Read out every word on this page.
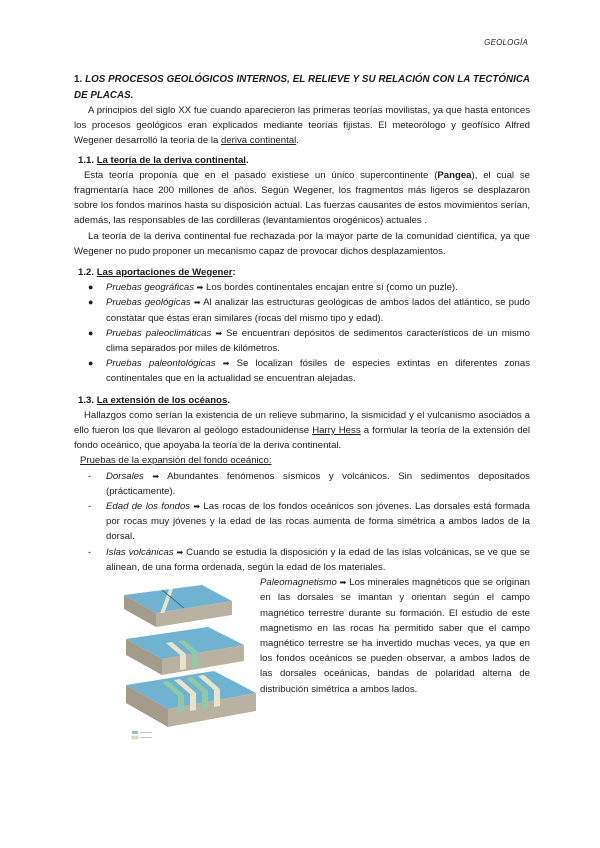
GEOLOGÍA

1. LOS PROCESOS GEOLÓGICOS INTERNOS, EL RELIEVE Y SU RELACIÓN CON LA TECTÓNICA DE PLACAS.

A principios del siglo XX fue cuando aparecieron las primeras teorías movilistas, ya que hasta entonces los procesos geológicos eran explicados mediante teorías fijistas. El meteorólogo y geofísico Alfred Wegener desarrolló la teoría de la deriva continental.

1.1. La teoría de la deriva continental.

Esta teoría proponía que en el pasado existiese un único supercontinente (Pangea), el cual se fragmentaría hace 200 millones de años. Según Wegener, los fragmentos más ligeros se desplazaron sobre los fondos marinos hasta su disposición actual. Las fuerzas causantes de estos movimientos serían, además, las responsables de las cordilleras (levantamientos orogénicos) actuales .

La teoría de la deriva continental fue rechazada por la mayor parte de la comunidad científica, ya que Wegener no pudo proponer un mecanismo capaz de provocar dichos desplazamientos.

1.2. Las aportaciones de Wegener:

● Pruebas geográficas ➡ Los bordes continentales encajan entre sí (como un puzle).
● Pruebas geológicas ➡ Al analizar las estructuras geológicas de ambos lados del atlántico, se pudo constatar que éstas eran similares (rocas del mismo tipo y edad).
● Pruebas paleoclimáticas ➡ Se encuentran depósitos de sedimentos característicos de un mismo clima separados por miles de kilómetros.
● Pruebas paleontológicas ➡ Se localizan fósiles de especies extintas en diferentes zonas continentales que en la actualidad se encuentran alejadas.

1.3. La extensión de los océanos.

Hallazgos como serían la existencia de un relieve submarino, la sismicidad y el vulcanismo asociados a ello fueron los que llevaron al geólogo estadounidense Harry Hess a formular la teoría de la extensión del fondo oceánico, que apoyaba la teoría de la deriva continental.

Pruebas de la expansión del fondo oceánico:

- Dorsales ➡ Abundantes fenómenos sísmicos y volcánicos. Sin sedimentos depositados (prácticamente).
- Edad de los fondos ➡ Las rocas de los fondos oceánicos son jóvenes. Las dorsales está formada por rocas muy jóvenes y la edad de las rocas aumenta de forma simétrica a ambos lados de la dorsal.
- Islas volcánicas ➡ Cuando se estudia la disposición y la edad de las islas volcánicas, se ve que se alinean, de una forma ordenada, según la edad de los materiales.

Paleomagnetismo ➡ Los minerales magnéticos que se originan en las dorsales se imantan y orientan según el campo magnético terrestre durante su formación. El estudio de este magnetismo en las rocas ha permitido saber que el campo magnético terrestre se ha invertido muchas veces, ya que en los fondos oceánicos se pueden observar, a ambos lados de las dorsales oceánicas, bandas de polaridad alterna de distribución simétrica a ambos lados.
